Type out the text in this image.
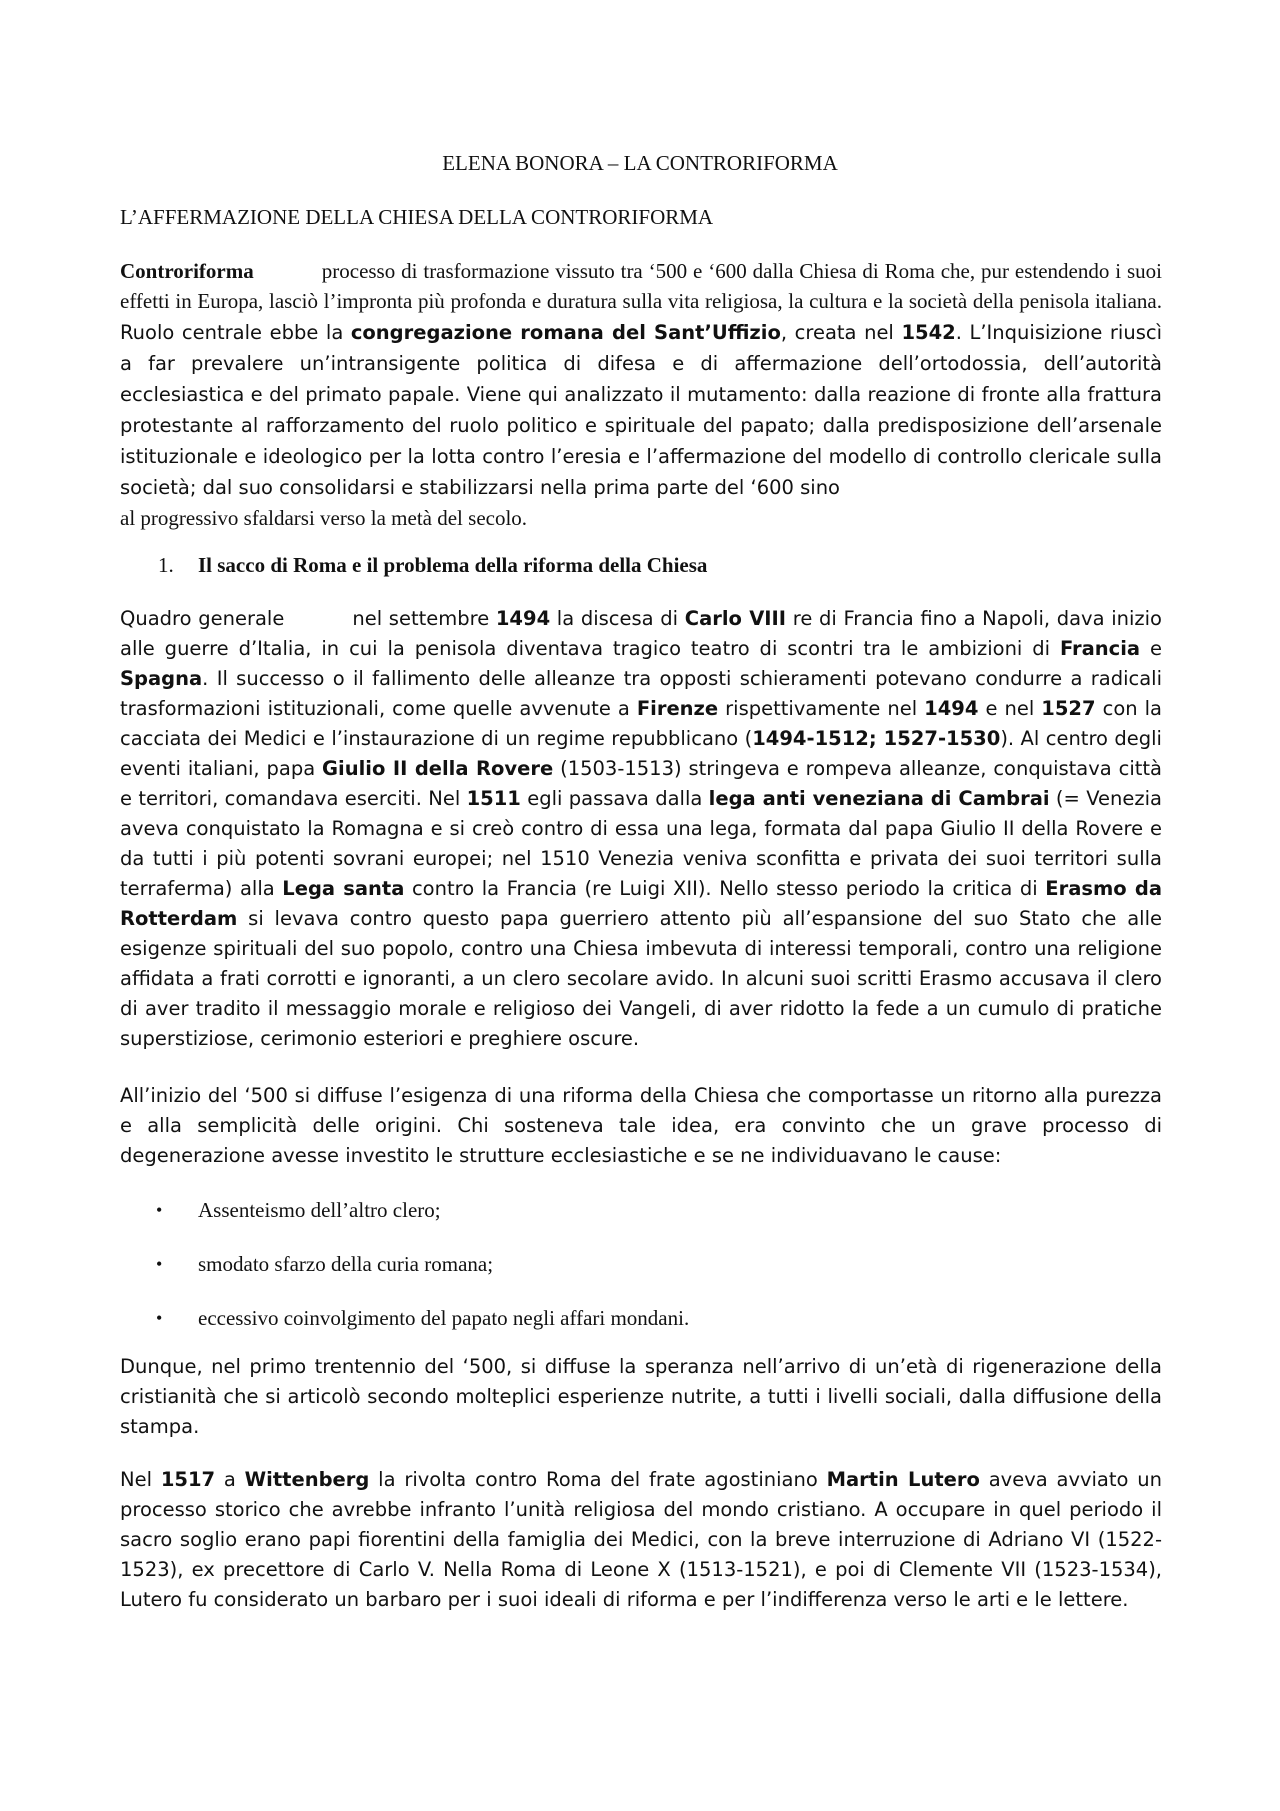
ELENA BONORA – LA CONTRORIFORMA
L’AFFERMAZIONE DELLA CHIESA DELLA CONTRORIFORMA

Controriforma	processo di trasformazione vissuto tra ‘500 e ‘600 dalla Chiesa di Roma che, pur estendendo i suoi effetti in Europa, lasciò l’impronta più profonda e duratura sulla vita religiosa, la cultura e la società della penisola italiana. Ruolo centrale ebbe la congregazione romana del Sant’Uffizio, creata nel 1542. L’Inquisizione riuscì a far prevalere un’intransigente politica di difesa e di affermazione dell’ortodossia, dell’autorità ecclesiastica e del primato papale. Viene qui analizzato il mutamento: dalla reazione di fronte alla frattura protestante al rafforzamento del ruolo politico e spirituale del papato; dalla predisposizione dell’arsenale istituzionale e ideologico per la lotta contro l’eresia e l’affermazione del modello di controllo clericale sulla società; dal suo consolidarsi e stabilizzarsi nella prima parte del ‘600 sino
al progressivo sfaldarsi verso la metà del secolo.

1. Il sacco di Roma e il problema della riforma della Chiesa

Quadro generale	nel settembre 1494 la discesa di Carlo VIII re di Francia fino a Napoli, dava inizio alle guerre d’Italia, in cui la penisola diventava tragico teatro di scontri tra le ambizioni di Francia e Spagna. Il successo o il fallimento delle alleanze tra opposti schieramenti potevano condurre a radicali trasformazioni istituzionali, come quelle avvenute a Firenze rispettivamente nel 1494 e nel 1527 con la cacciata dei Medici e l’instaurazione di un regime repubblicano (1494-1512; 1527-1530). Al centro degli eventi italiani, papa Giulio II della Rovere (1503-1513) stringeva e rompeva alleanze, conquistava città e territori, comandava eserciti. Nel 1511 egli passava dalla lega anti veneziana di Cambrai (= Venezia aveva conquistato la Romagna e si creò contro di essa una lega, formata dal papa Giulio II della Rovere e da tutti i più potenti sovrani europei; nel 1510 Venezia veniva sconfitta e privata dei suoi territori sulla terraferma) alla Lega santa contro la Francia (re Luigi XII). Nello stesso periodo la critica di Erasmo da Rotterdam si levava contro questo papa guerriero attento più all’espansione del suo Stato che alle esigenze spirituali del suo popolo, contro una Chiesa imbevuta di interessi temporali, contro una religione affidata a frati corrotti e ignoranti, a un clero secolare avido. In alcuni suoi scritti Erasmo accusava il clero di aver tradito il messaggio morale e religioso dei Vangeli, di aver ridotto la fede a un cumulo di pratiche superstiziose, cerimonio esteriori e preghiere oscure.

All’inizio del ‘500 si diffuse l’esigenza di una riforma della Chiesa che comportasse un ritorno alla purezza e alla semplicità delle origini. Chi sosteneva tale idea, era convinto che un grave processo di degenerazione avesse investito le strutture ecclesiastiche e se ne individuavano le cause:

•	Assenteismo dell’altro clero;
•	smodato sfarzo della curia romana;
•	eccessivo coinvolgimento del papato negli affari mondani.

Dunque, nel primo trentennio del ‘500, si diffuse la speranza nell’arrivo di un’età di rigenerazione della cristianità che si articolò secondo molteplici esperienze nutrite, a tutti i livelli sociali, dalla diffusione della stampa.

Nel 1517 a Wittenberg la rivolta contro Roma del frate agostiniano Martin Lutero aveva avviato un processo storico che avrebbe infranto l’unità religiosa del mondo cristiano. A occupare in quel periodo il sacro soglio erano papi fiorentini della famiglia dei Medici, con la breve interruzione di Adriano VI (1522-1523), ex precettore di Carlo V. Nella Roma di Leone X (1513-1521), e poi di Clemente VII (1523-1534), Lutero fu considerato un barbaro per i suoi ideali di riforma e per l’indifferenza verso le arti e le lettere.
